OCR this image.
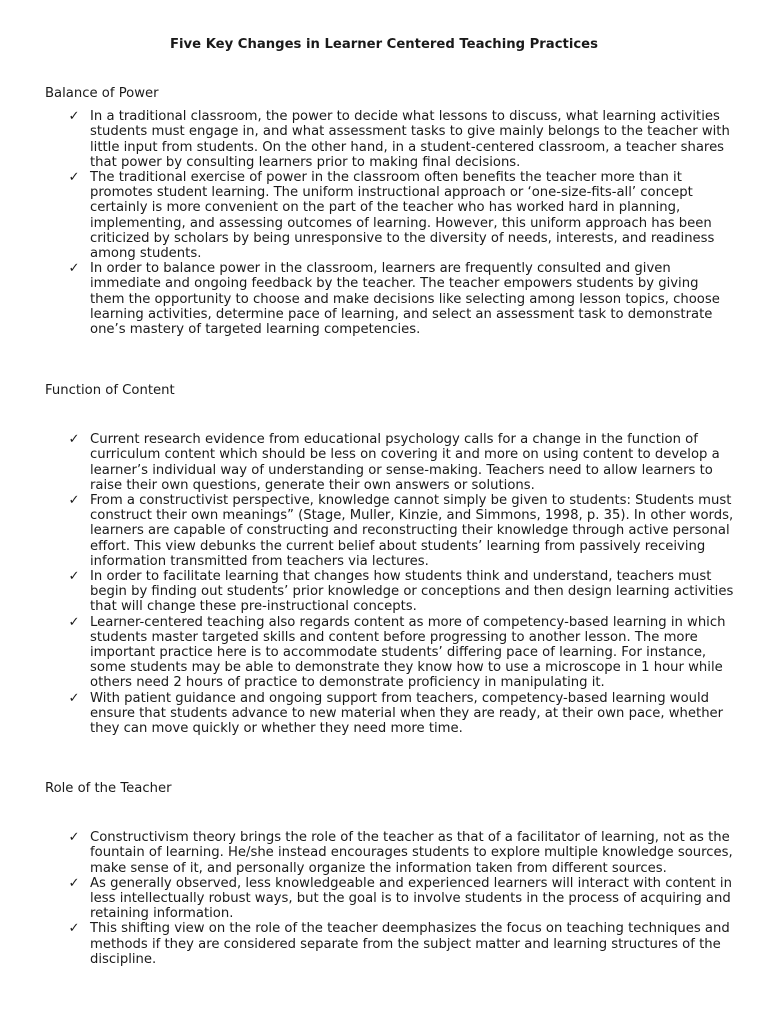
Five Key Changes in Learner Centered Teaching Practices

Balance of Power

✓ In a traditional classroom, the power to decide what lessons to discuss, what learning activities students must engage in, and what assessment tasks to give mainly belongs to the teacher with little input from students. On the other hand, in a student-centered classroom, a teacher shares that power by consulting learners prior to making final decisions.
✓ The traditional exercise of power in the classroom often benefits the teacher more than it promotes student learning. The uniform instructional approach or ‘one-size-fits-all’ concept certainly is more convenient on the part of the teacher who has worked hard in planning, implementing, and assessing outcomes of learning. However, this uniform approach has been criticized by scholars by being unresponsive to the diversity of needs, interests, and readiness among students.
✓ In order to balance power in the classroom, learners are frequently consulted and given immediate and ongoing feedback by the teacher. The teacher empowers students by giving them the opportunity to choose and make decisions like selecting among lesson topics, choose learning activities, determine pace of learning, and select an assessment task to demonstrate one’s mastery of targeted learning competencies.

Function of Content

✓ Current research evidence from educational psychology calls for a change in the function of curriculum content which should be less on covering it and more on using content to develop a learner’s individual way of understanding or sense-making. Teachers need to allow learners to raise their own questions, generate their own answers or solutions.
✓ From a constructivist perspective, knowledge cannot simply be given to students: Students must construct their own meanings” (Stage, Muller, Kinzie, and Simmons, 1998, p. 35). In other words, learners are capable of constructing and reconstructing their knowledge through active personal effort. This view debunks the current belief about students’ learning from passively receiving information transmitted from teachers via lectures.
✓ In order to facilitate learning that changes how students think and understand, teachers must begin by finding out students’ prior knowledge or conceptions and then design learning activities that will change these pre-instructional concepts.
✓ Learner-centered teaching also regards content as more of competency-based learning in which students master targeted skills and content before progressing to another lesson. The more important practice here is to accommodate students’ differing pace of learning. For instance, some students may be able to demonstrate they know how to use a microscope in 1 hour while others need 2 hours of practice to demonstrate proficiency in manipulating it.
✓ With patient guidance and ongoing support from teachers, competency-based learning would ensure that students advance to new material when they are ready, at their own pace, whether they can move quickly or whether they need more time.

Role of the Teacher

✓ Constructivism theory brings the role of the teacher as that of a facilitator of learning, not as the fountain of learning. He/she instead encourages students to explore multiple knowledge sources, make sense of it, and personally organize the information taken from different sources.
✓ As generally observed, less knowledgeable and experienced learners will interact with content in less intellectually robust ways, but the goal is to involve students in the process of acquiring and retaining information.
✓ This shifting view on the role of the teacher deemphasizes the focus on teaching techniques and methods if they are considered separate from the subject matter and learning structures of the discipline.
